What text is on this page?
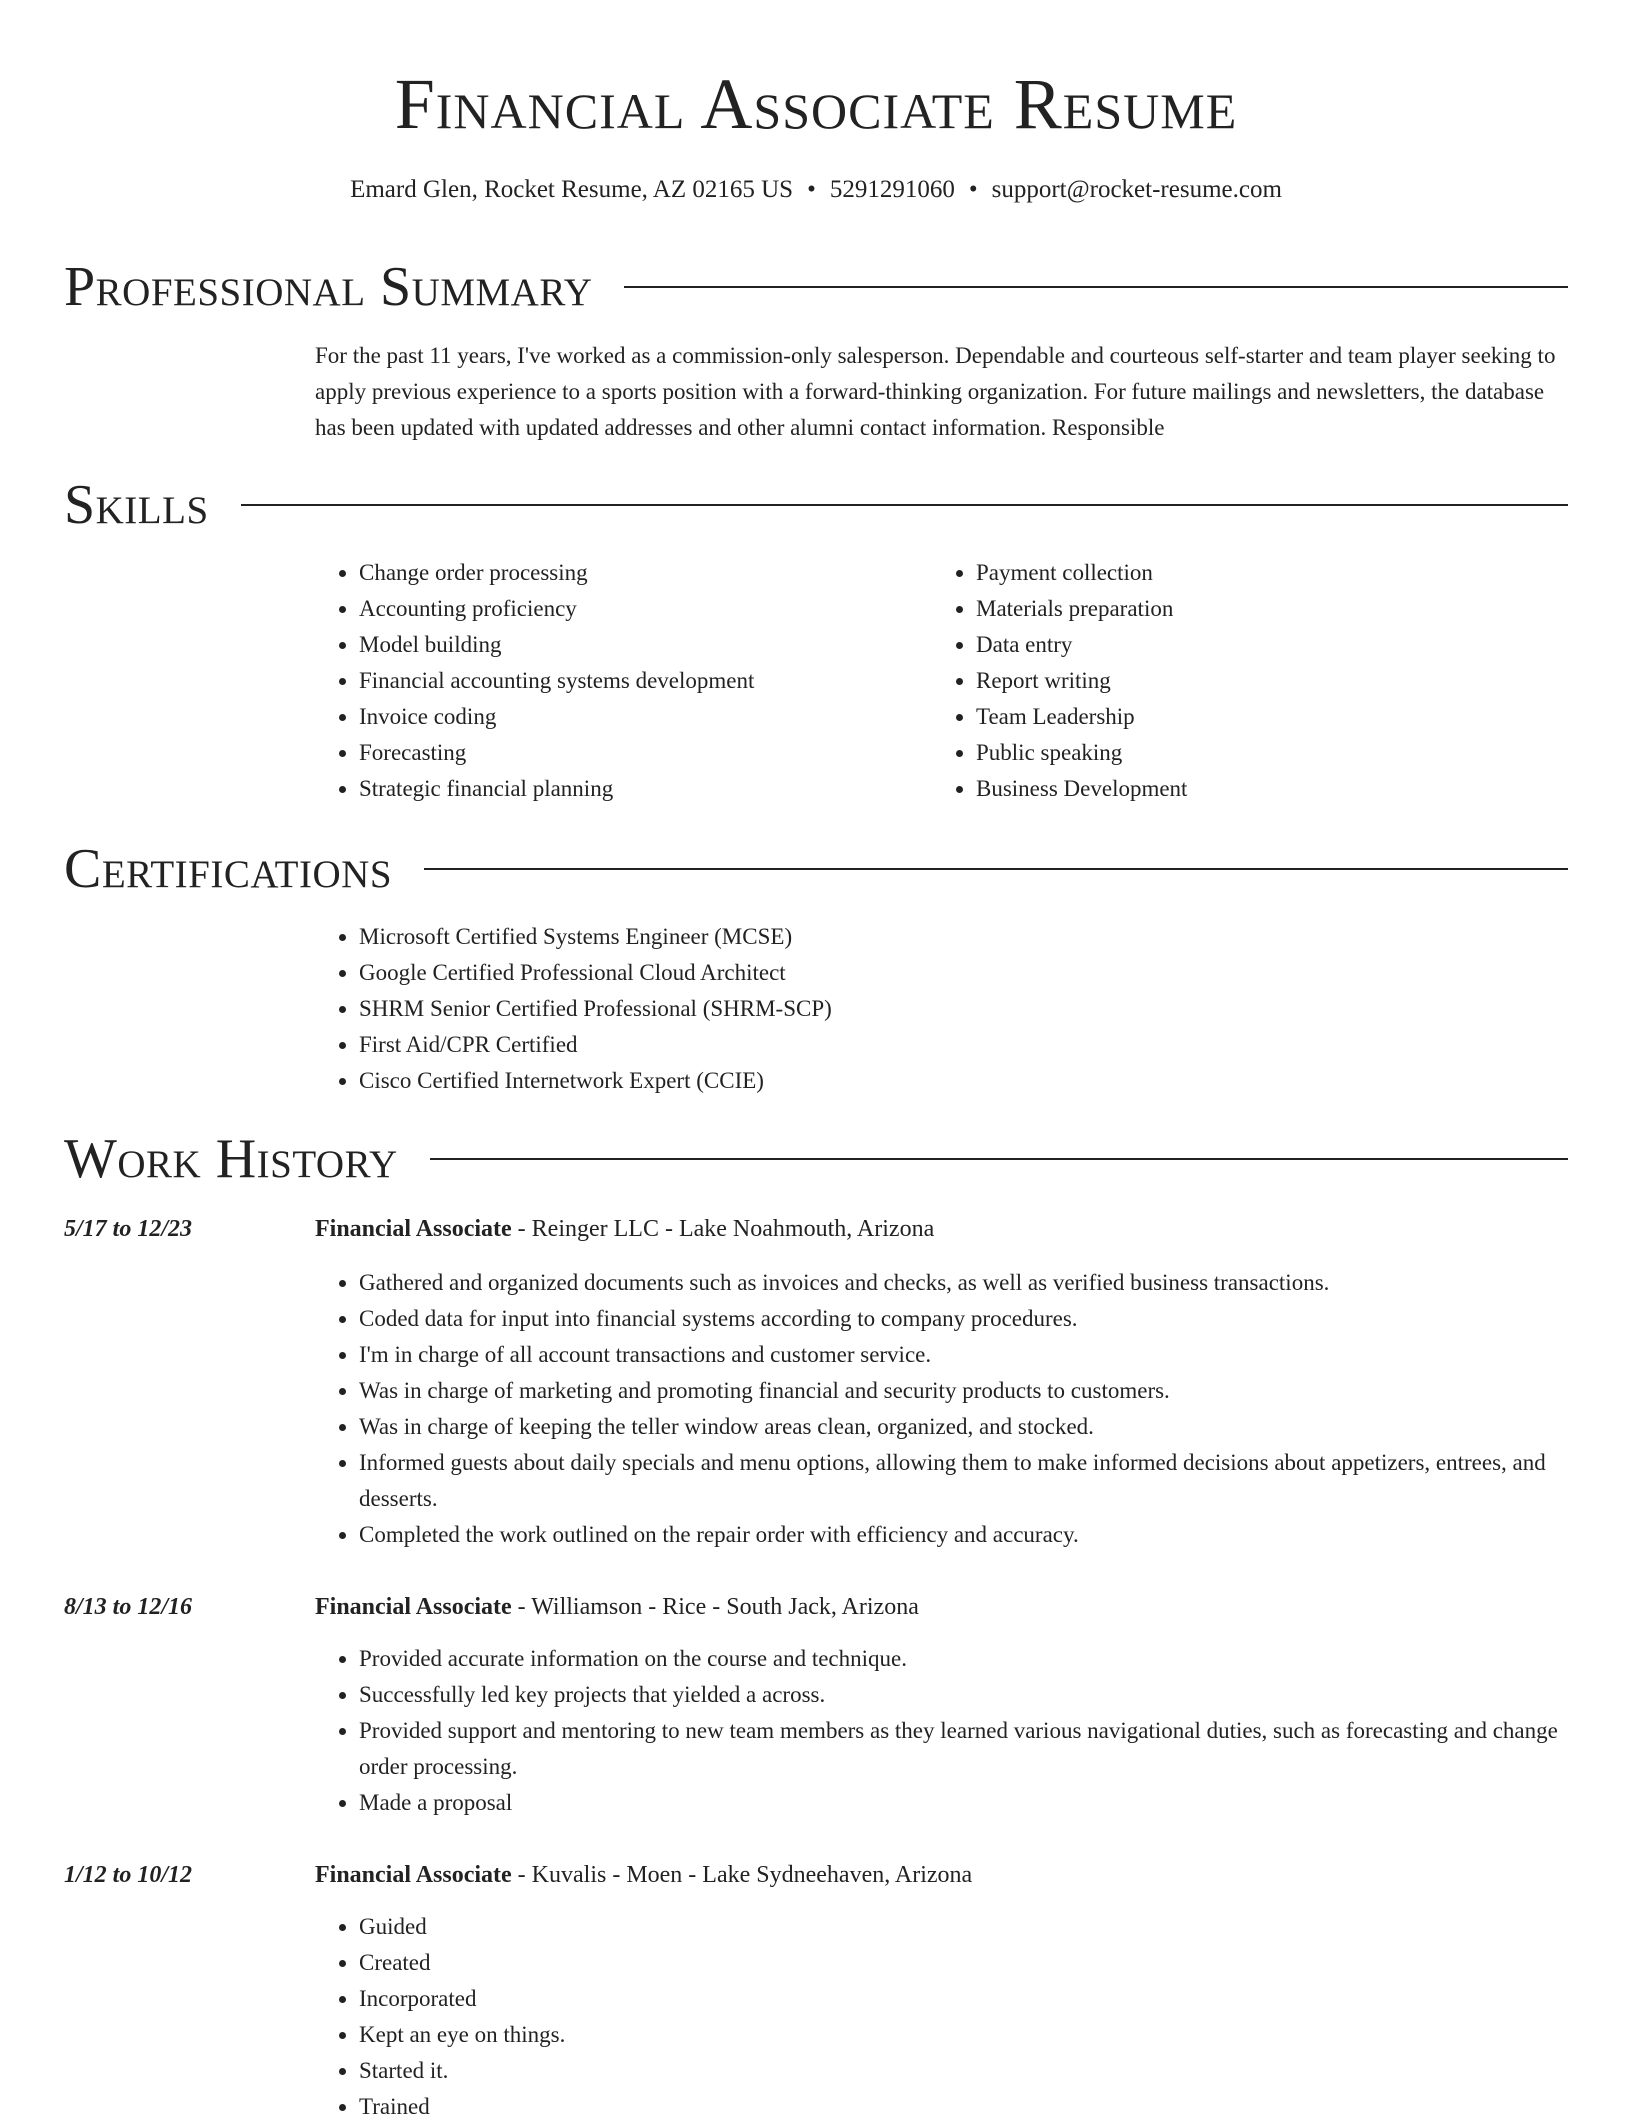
Financial Associate Resume
Emard Glen, Rocket Resume, AZ 02165 US • 5291291060 • support@rocket-resume.com
Professional Summary
For the past 11 years, I've worked as a commission-only salesperson. Dependable and courteous self-starter and team player seeking to apply previous experience to a sports position with a forward-thinking organization. For future mailings and newsletters, the database has been updated with updated addresses and other alumni contact information. Responsible
Skills
• Change order processing
• Accounting proficiency
• Model building
• Financial accounting systems development
• Invoice coding
• Forecasting
• Strategic financial planning
• Payment collection
• Materials preparation
• Data entry
• Report writing
• Team Leadership
• Public speaking
• Business Development
Certifications
• Microsoft Certified Systems Engineer (MCSE)
• Google Certified Professional Cloud Architect
• SHRM Senior Certified Professional (SHRM-SCP)
• First Aid/CPR Certified
• Cisco Certified Internetwork Expert (CCIE)
Work History
5/17 to 12/23	Financial Associate - Reinger LLC - Lake Noahmouth, Arizona
• Gathered and organized documents such as invoices and checks, as well as verified business transactions.
• Coded data for input into financial systems according to company procedures.
• I'm in charge of all account transactions and customer service.
• Was in charge of marketing and promoting financial and security products to customers.
• Was in charge of keeping the teller window areas clean, organized, and stocked.
• Informed guests about daily specials and menu options, allowing them to make informed decisions about appetizers, entrees, and desserts.
• Completed the work outlined on the repair order with efficiency and accuracy.
8/13 to 12/16	Financial Associate - Williamson - Rice - South Jack, Arizona
• Provided accurate information on the course and technique.
• Successfully led key projects that yielded a across.
• Provided support and mentoring to new team members as they learned various navigational duties, such as forecasting and change order processing.
• Made a proposal
1/12 to 10/12	Financial Associate - Kuvalis - Moen - Lake Sydneehaven, Arizona
• Guided
• Created
• Incorporated
• Kept an eye on things.
• Started it.
• Trained
